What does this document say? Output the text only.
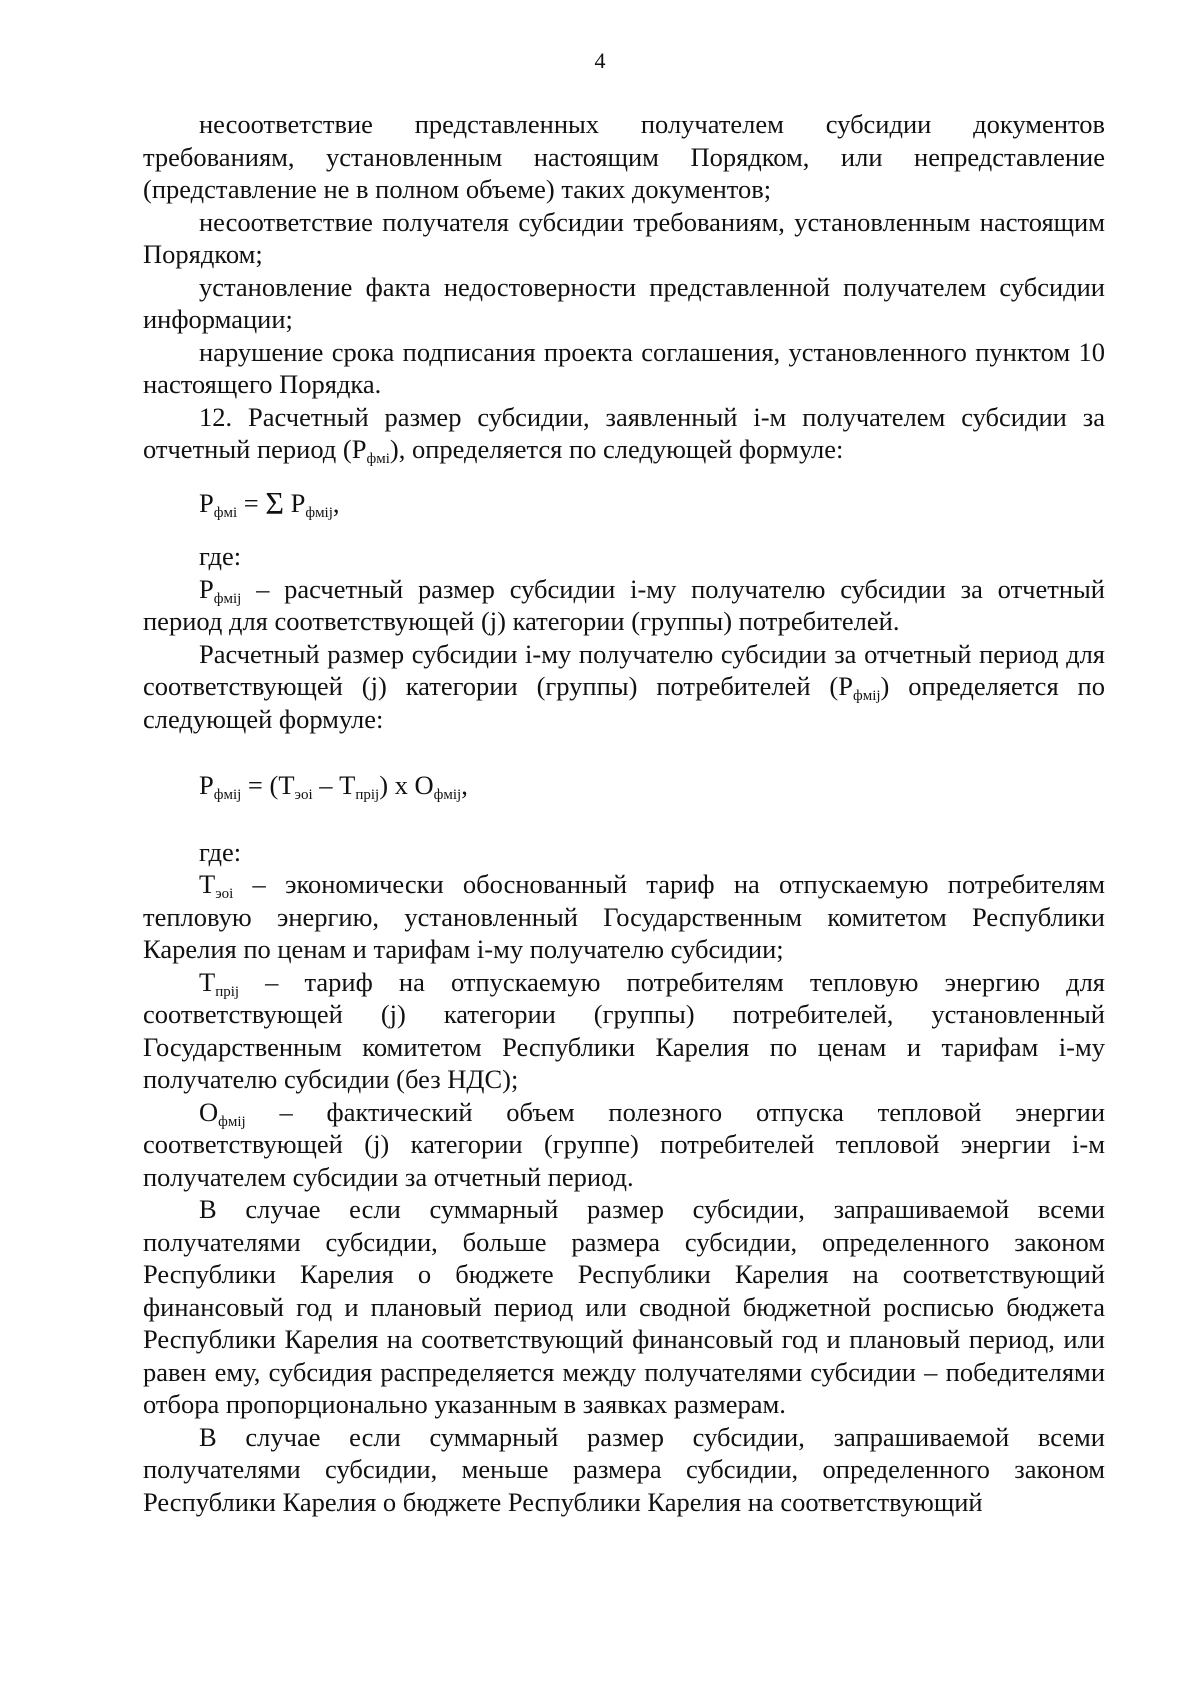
4

несоответствие представленных получателем субсидии документов требованиям, установленным настоящим Порядком, или непредставление (представление не в полном объеме) таких документов;

несоответствие получателя субсидии требованиям, установленным настоящим Порядком;

установление факта недостоверности представленной получателем субсидии информации;

нарушение срока подписания проекта соглашения, установленного пунктом 10 настоящего Порядка.

12. Расчетный размер субсидии, заявленный i-м получателем субсидии за отчетный период $(Р_{фмi})$, определяется по следующей формуле:

$Р_{фмi} = \Sigma$ $Р_{фмij}$,

где:

$Р_{фмij}$ – расчетный размер субсидии i-му получателю субсидии за отчетный период для соответствующей (j) категории (группы) потребителей.

Расчетный размер субсидии i-му получателю субсидии за отчетный период для соответствующей (j) категории (группы) потребителей $(Р_{фмij})$ определяется по следующей формуле:

$Р_{фмij} = (Т_{эоi} - Т_{прij})$ х $О_{фмij}$,

где:

$Т_{эоi}$ – экономически обоснованный тариф на отпускаемую потребителям тепловую энергию, установленный Государственным комитетом Республики Карелия по ценам и тарифам i-му получателю субсидии;

$Т_{прij}$ – тариф на отпускаемую потребителям тепловую энергию для соответствующей (j) категории (группы) потребителей, установленный Государственным комитетом Республики Карелия по ценам и тарифам i-му получателю субсидии (без НДС);

$О_{фмij}$ – фактический объем полезного отпуска тепловой энергии соответствующей (j) категории (группе) потребителей тепловой энергии i-м получателем субсидии за отчетный период.

В случае если суммарный размер субсидии, запрашиваемой всеми получателями субсидии, больше размера субсидии, определенного законом Республики Карелия о бюджете Республики Карелия на соответствующий финансовый год и плановый период или сводной бюджетной росписью бюджета Республики Карелия на соответствующий финансовый год и плановый период, или равен ему, субсидия распределяется между получателями субсидии – победителями отбора пропорционально указанным в заявках размерам.

В случае если суммарный размер субсидии, запрашиваемой всеми получателями субсидии, меньше размера субсидии, определенного законом Республики Карелия о бюджете Республики Карелия на соответствующий
